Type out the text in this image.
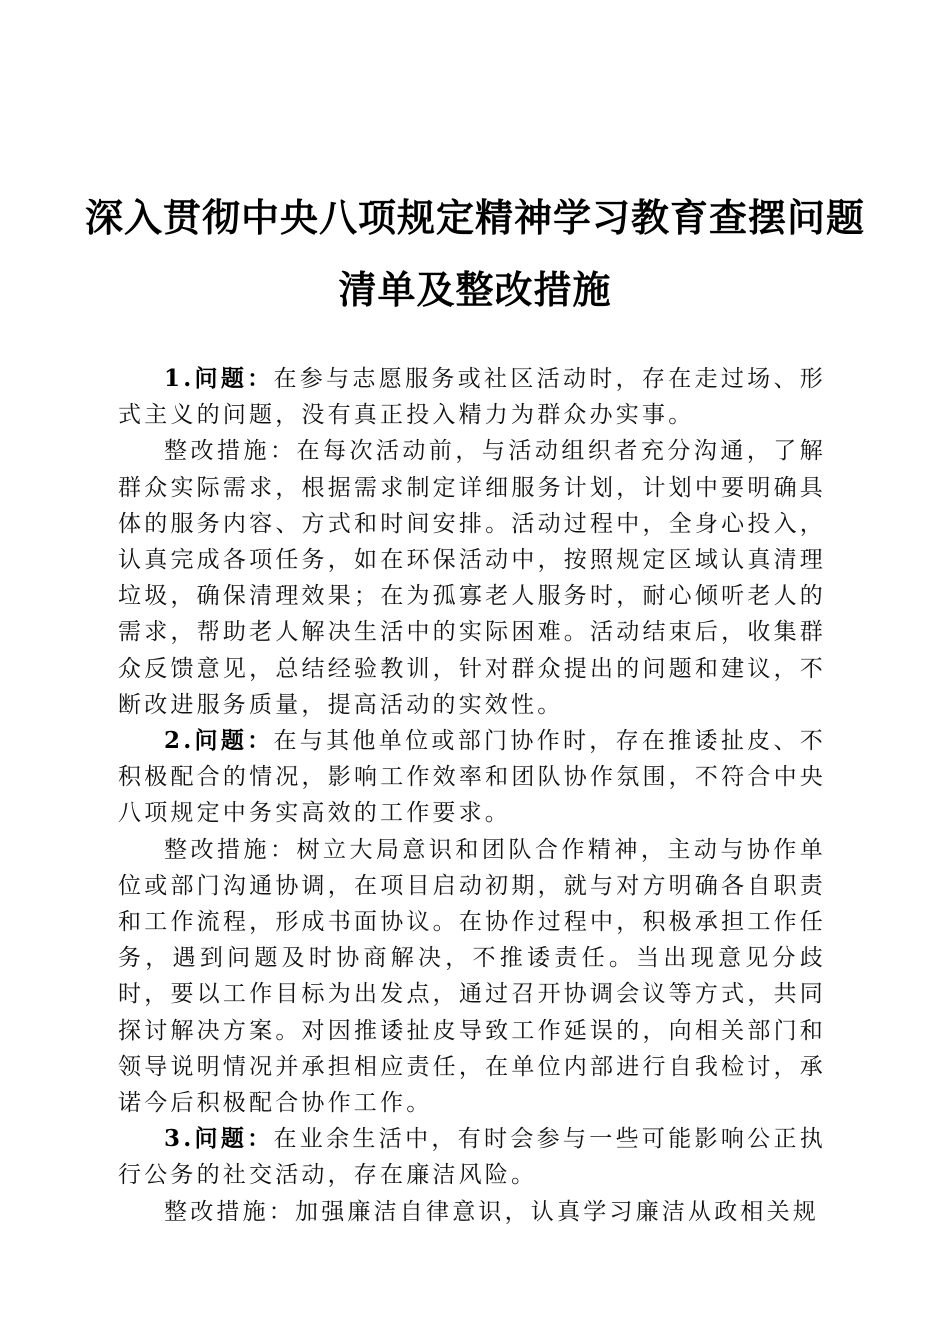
深入贯彻中央八项规定精神学习教育查摆问题
清单及整改措施

1.问题：在参与志愿服务或社区活动时，存在走过场、形式主义的问题，没有真正投入精力为群众办实事。

整改措施：在每次活动前，与活动组织者充分沟通，了解群众实际需求，根据需求制定详细服务计划，计划中要明确具体的服务内容、方式和时间安排。活动过程中，全身心投入，认真完成各项任务，如在环保活动中，按照规定区域认真清理垃圾，确保清理效果；在为孤寡老人服务时，耐心倾听老人的需求，帮助老人解决生活中的实际困难。活动结束后，收集群众反馈意见，总结经验教训，针对群众提出的问题和建议，不断改进服务质量，提高活动的实效性。

2.问题：在与其他单位或部门协作时，存在推诿扯皮、不积极配合的情况，影响工作效率和团队协作氛围，不符合中央八项规定中务实高效的工作要求。

整改措施：树立大局意识和团队合作精神，主动与协作单位或部门沟通协调，在项目启动初期，就与对方明确各自职责和工作流程，形成书面协议。在协作过程中，积极承担工作任务，遇到问题及时协商解决，不推诿责任。当出现意见分歧时，要以工作目标为出发点，通过召开协调会议等方式，共同探讨解决方案。对因推诿扯皮导致工作延误的，向相关部门和领导说明情况并承担相应责任，在单位内部进行自我检讨，承诺今后积极配合协作工作。

3.问题：在业余生活中，有时会参与一些可能影响公正执行公务的社交活动，存在廉洁风险。

整改措施：加强廉洁自律意识，认真学习廉洁从政相关规
